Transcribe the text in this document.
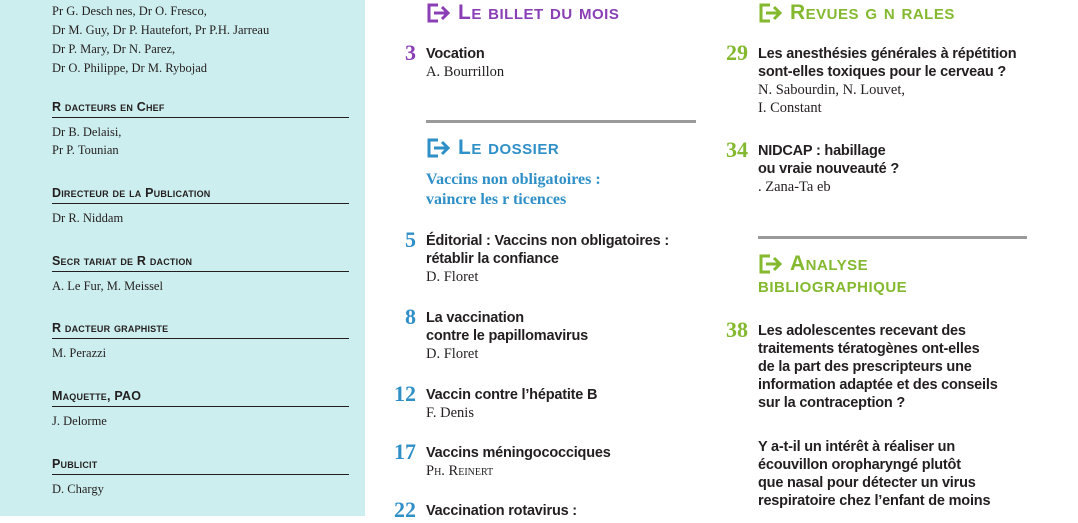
Pr G. Desch nes, Dr O. Fresco,
Dr M. Guy, Dr P. Hautefort, Pr P.H. Jarreau
Dr P. Mary, Dr N. Parez,
Dr O. Philippe, Dr M. Rybojad
R dacteurs en Chef
Dr B. Delaisi,
Pr P. Tounian
Directeur de la Publication
Dr R. Niddam
Secr tariat de R daction
A. Le Fur, M. Meissel
R dacteur graphiste
M. Perazzi
Maquette, PAO
J. Delorme
Publicit
D. Chargy
Le billet du mois
3 Vocation
A. Bourrillon
Le dossier
Vaccins non obligatoires :
vaincre les r ticences
5 Éditorial : Vaccins non obligatoires :
rétablir la confiance
D. Floret
8 La vaccination
contre le papillomavirus
D. Floret
12 Vaccin contre l’hépatite B
F. Denis
17 Vaccins méningococciques
Ph. Reinert
22 Vaccination rotavirus :
Revues g n rales
29 Les anesthésies générales à répétition
sont-elles toxiques pour le cerveau ?
N. Sabourdin, N. Louvet,
I. Constant
34 NIDCAP : habillage
ou vraie nouveauté ?
. Zana-Ta eb
Analyse
bibliographique
38 Les adolescentes recevant des
traitements tératogènes ont-elles
de la part des prescripteurs une
information adaptée et des conseils
sur la contraception ?
Y a-t-il un intérêt à réaliser un
écouvillon oropharyngé plutôt
que nasal pour détecter un virus
respiratoire chez l’enfant de moins
